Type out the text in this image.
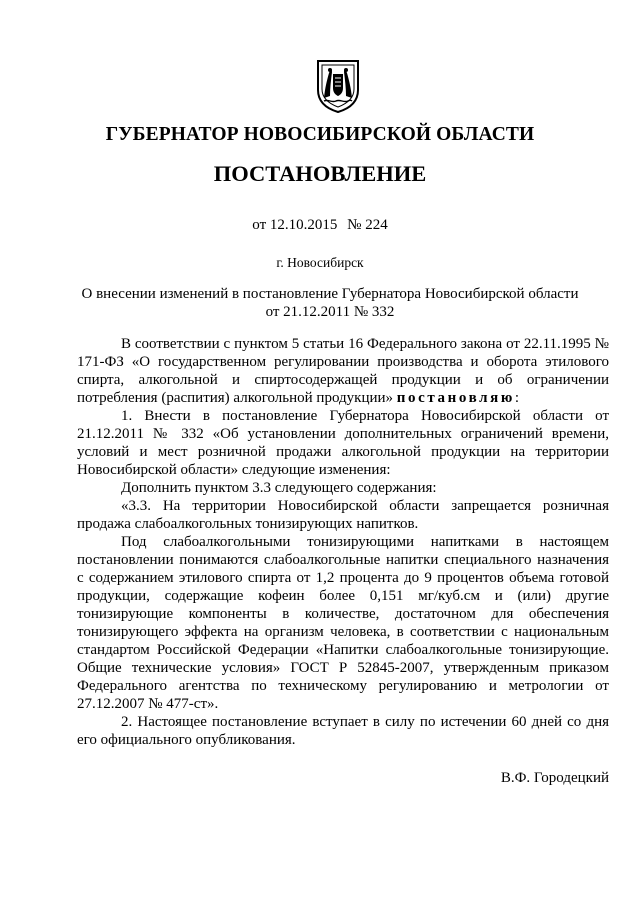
ГУБЕРНАТОР НОВОСИБИРСКОЙ ОБЛАСТИ
ПОСТАНОВЛЕНИЕ
от 12.10.2015 № 224
г. Новосибирск
О внесении изменений в постановление Губернатора Новосибирской области
от 21.12.2011 № 332

В соответствии с пунктом 5 статьи 16 Федерального закона от 22.11.1995 № 171-ФЗ «О государственном регулировании производства и оборота этилового спирта, алкогольной и спиртосодержащей продукции и об ограничении потребления (распития) алкогольной продукции» постановляю:

1. Внести в постановление Губернатора Новосибирской области от 21.12.2011 № 332 «Об установлении дополнительных ограничений времени, условий и мест розничной продажи алкогольной продукции на территории Новосибирской области» следующие изменения:

Дополнить пунктом 3.3 следующего содержания:

«3.3. На территории Новосибирской области запрещается розничная продажа слабоалкогольных тонизирующих напитков.

Под слабоалкогольными тонизирующими напитками в настоящем постановлении понимаются слабоалкогольные напитки специального назначения с содержанием этилового спирта от 1,2 процента до 9 процентов объема готовой продукции, содержащие кофеин более 0,151 мг/куб.см и (или) другие тонизирующие компоненты в количестве, достаточном для обеспечения тонизирующего эффекта на организм человека, в соответствии с национальным стандартом Российской Федерации «Напитки слабоалкогольные тонизирующие. Общие технические условия» ГОСТ Р 52845-2007, утвержденным приказом Федерального агентства по техническому регулированию и метрологии от 27.12.2007 № 477-ст».

2. Настоящее постановление вступает в силу по истечении 60 дней со дня его официального опубликования.

В.Ф. Городецкий
